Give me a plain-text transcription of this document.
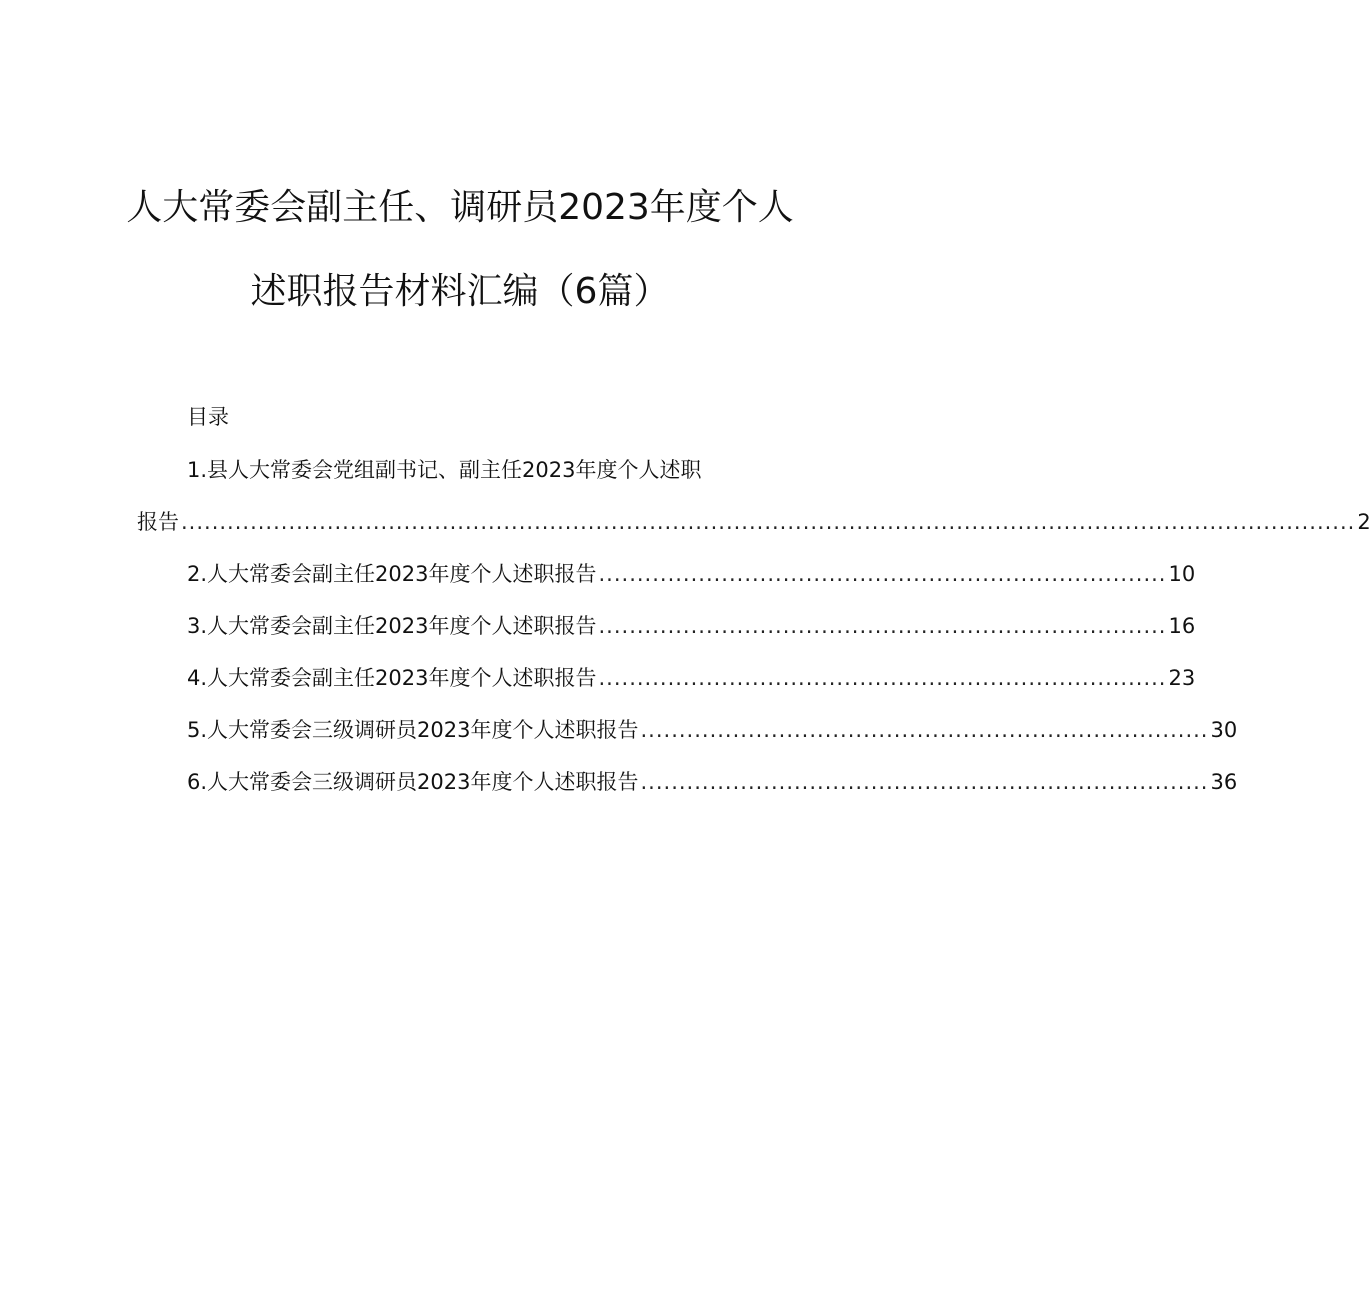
人大常委会副主任、调研员2023年度个人
述职报告材料汇编（6篇）
目录
1. 县人大常委会党组副书记、副主任2023年度个人述职
报告 ......................................................................................................................................................... 2
2 .人大常委会副主任2023年度个人述职报告 .......................................................................... 10
3 .人大常委会副主任2023年度个人述职报告 .......................................................................... 16
4 .人大常委会副主任2023年度个人述职报告 .......................................................................... 23
5 .人大常委会三级调研员2023年度个人述职报告 .......................................................................... 30
6 .人大常委会三级调研员2023年度个人述职报告 .......................................................................... 36
